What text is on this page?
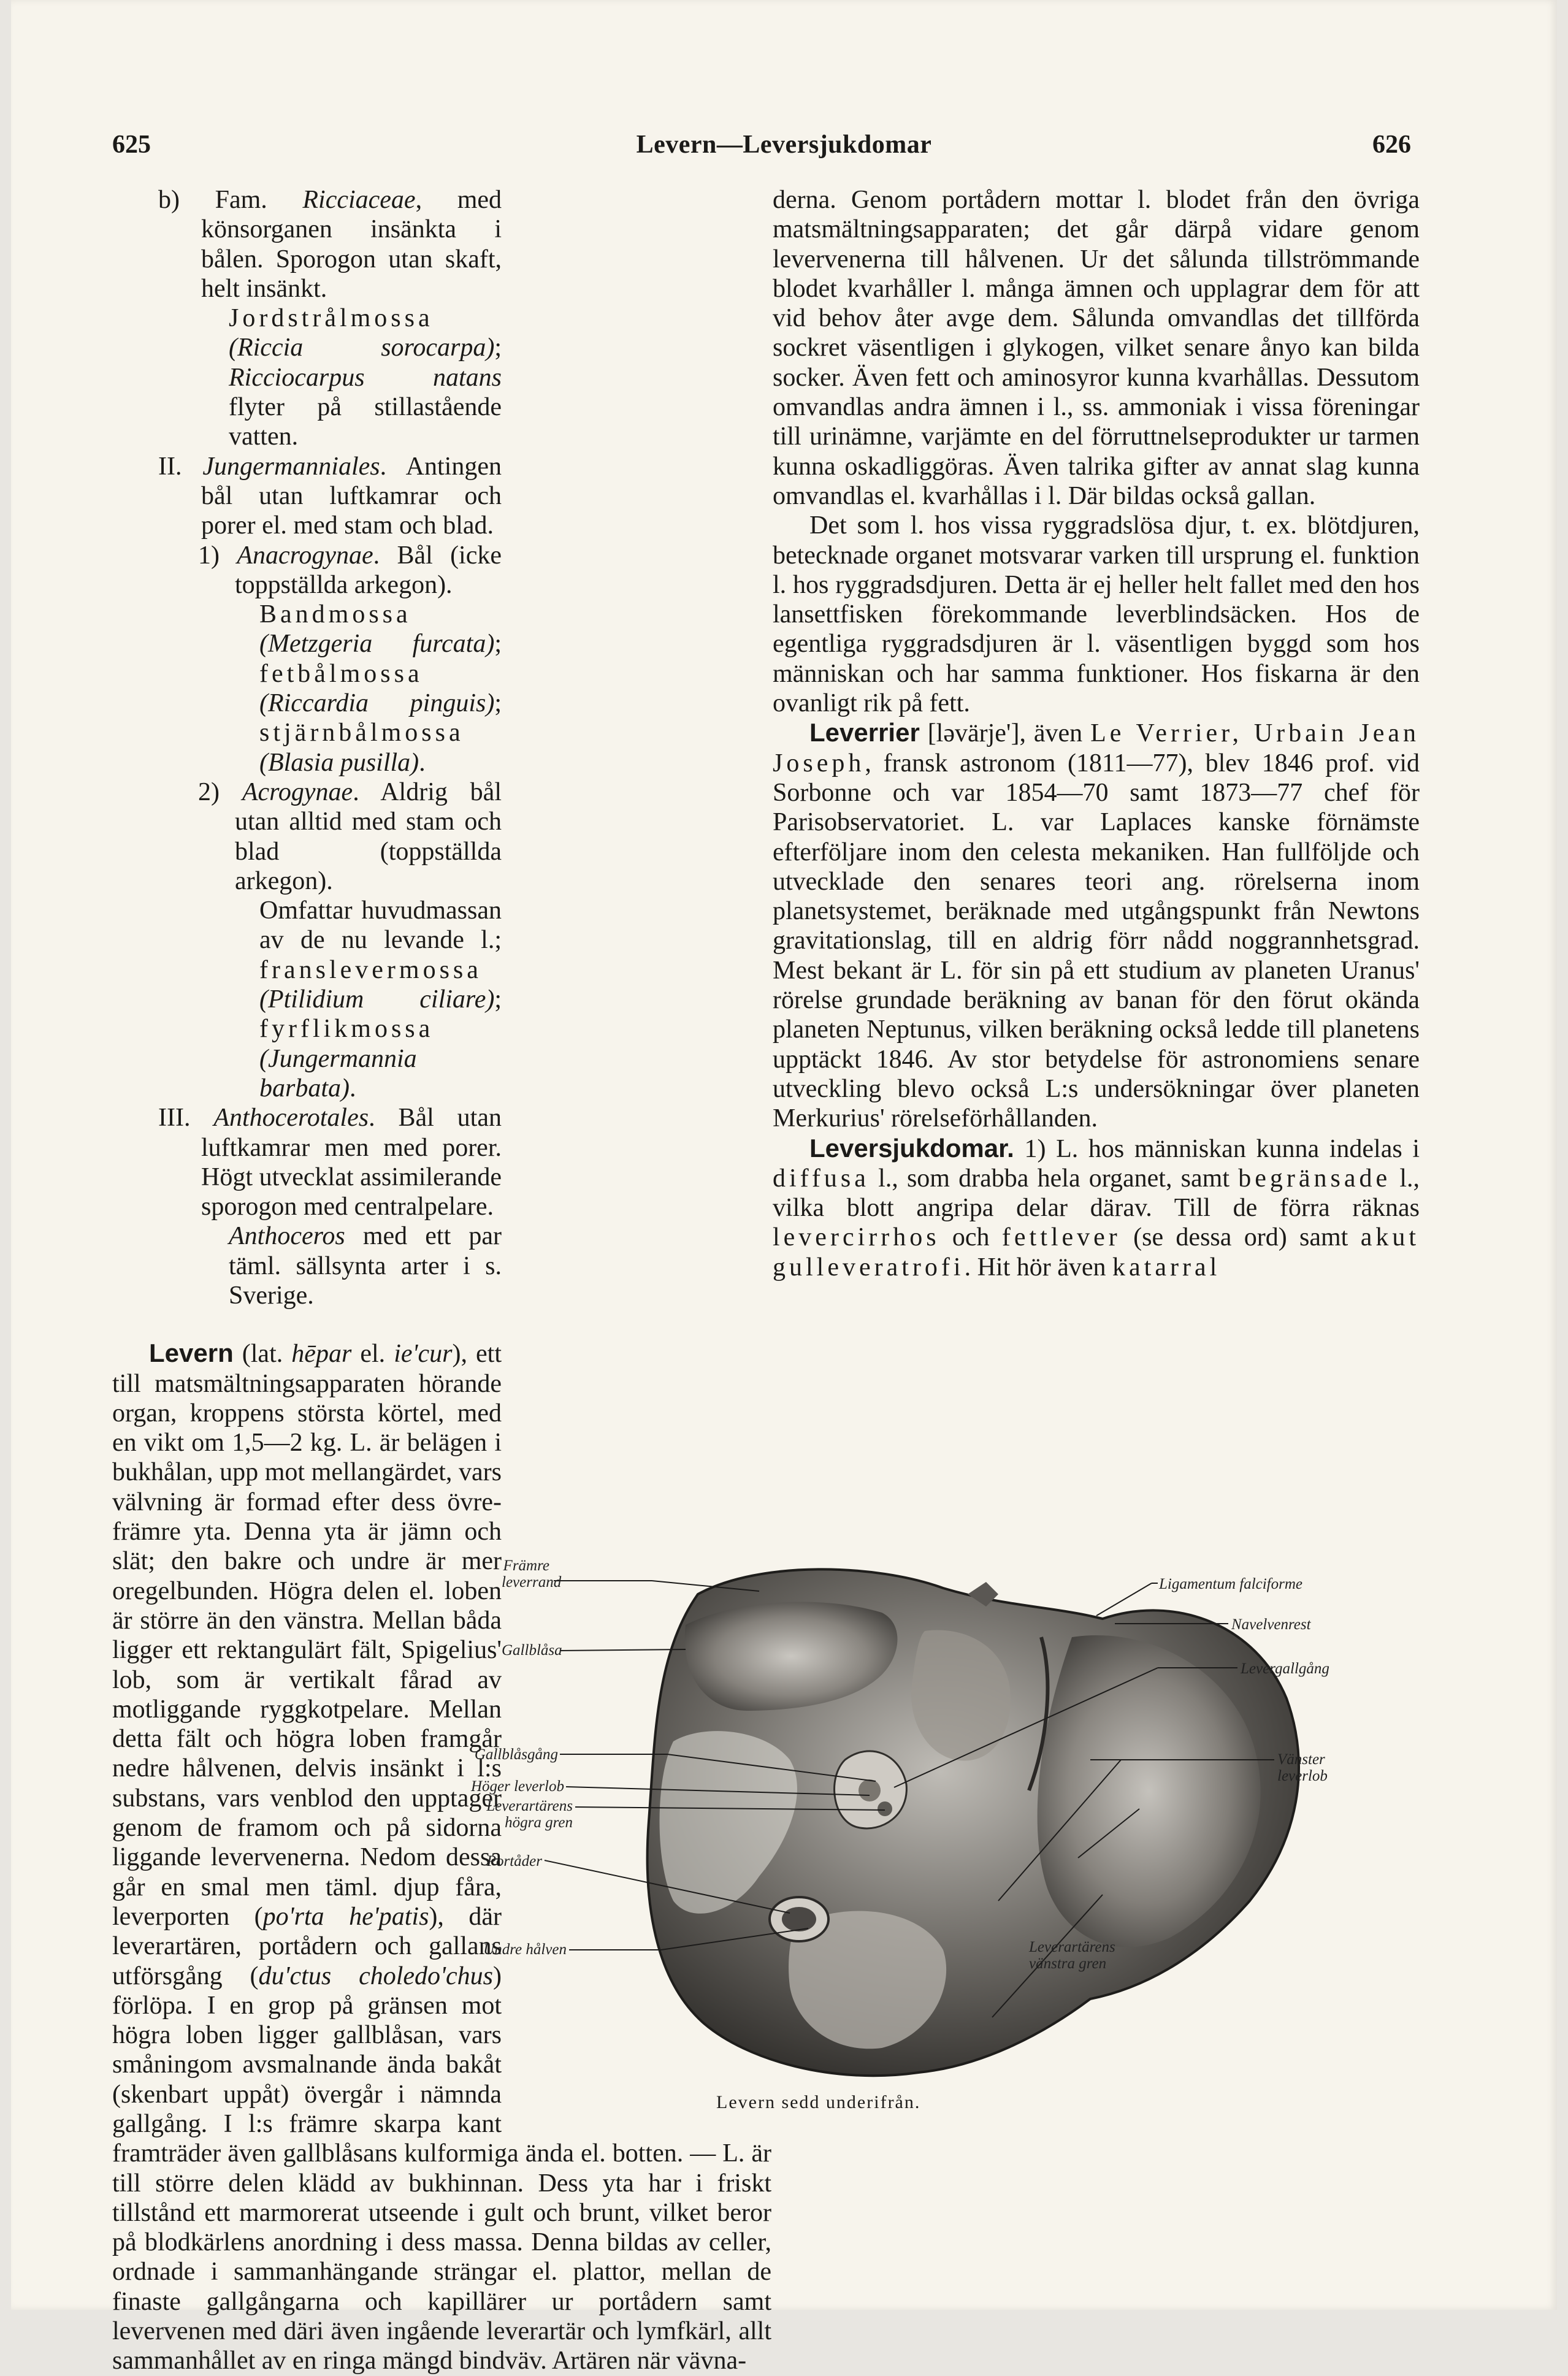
625	Levern—Leversjukdomar	626

b) Fam. Ricciaceae, med könsorganen insänkta i bålen. Sporogon utan skaft, helt insänkt.

Jordstrålmossa (Riccia sorocarpa); Ricciocarpus natans flyter på stillastående vatten.

II. Jungermanniales. Antingen bål utan luftkamrar och porer el. med stam och blad.

1) Anacrogynae. Bål (icke toppställda arkegon).

Bandmossa (Metzgeria furcata); fetbålmossa (Riccardia pinguis); stjärnbålmossa (Blasia pusilla).

2) Acrogynae. Aldrig bål utan alltid med stam och blad (toppställda arkegon).

Omfattar huvudmassan av de nu levande l.; franslevermossa (Ptilidium ciliare); fyrflikmossa (Jungermannia barbata).

III. Anthocerotales. Bål utan luftkamrar men med porer. Högt utvecklat assimilerande sporogon med centralpelare.

Anthoceros med ett par täml. sällsynta arter i s. Sverige.

Levern (lat. hēpar el. ie'cur), ett till matsmältningsapparaten hörande organ, kroppens största körtel, med en vikt om 1,5—2 kg. L. är belägen i bukhålan, upp mot mellangärdet, vars välvning är formad efter dess övre-främre yta. Denna yta är jämn och slät; den bakre och undre är mer oregelbunden. Högra delen el. loben är större än den vänstra. Mellan båda ligger ett rektangulärt fält, Spigelius' lob, som är vertikalt fårad av motliggande ryggkotpelare. Mellan detta fält och högra loben framgår nedre hålvenen, delvis insänkt i l:s substans, vars venblod den upptager genom de framom och på sidorna liggande levervenerna. Nedom dessa går en smal men täml. djup fåra, leverporten (po'rta he'patis), där leverartären, portådern och gallans utförsgång (du'ctus choledo'chus) förlöpa. I en grop på gränsen mot högra loben ligger gallblåsan, vars småningom avsmalnande ända bakåt (skenbart uppåt) övergår i nämnda gallgång. I l:s främre skarpa kant framträder även gallblåsans kulformiga ända el. botten. — L. är till större delen klädd av bukhinnan. Dess yta har i friskt tillstånd ett marmorerat utseende i gult och brunt, vilket beror på blodkärlens anordning i dess massa. Denna bildas av celler, ordnade i sammanhängande strängar el. plattor, mellan de finaste gallgångarna och kapillärer ur portådern samt levervenen med däri även ingående leverartär och lymfkärl, allt sammanhållet av en ringa mängd bindväv. Artären när vävna-

derna. Genom portådern mottar l. blodet från den övriga matsmältningsapparaten; det går därpå vidare genom levervenerna till hålvenen. Ur det sålunda tillströmmande blodet kvarhåller l. många ämnen och upplagrar dem för att vid behov åter avge dem. Sålunda omvandlas det tillförda sockret väsentligen i glykogen, vilket senare ånyo kan bilda socker. Även fett och aminosyror kunna kvarhållas. Dessutom omvandlas andra ämnen i l., ss. ammoniak i vissa föreningar till urinämne, varjämte en del förruttnelseprodukter ur tarmen kunna oskadliggöras. Även talrika gifter av annat slag kunna omvandlas el. kvarhållas i l. Där bildas också gallan.

Det som l. hos vissa ryggradslösa djur, t. ex. blötdjuren, betecknade organet motsvarar varken till ursprung el. funktion l. hos ryggradsdjuren. Detta är ej heller helt fallet med den hos lansettfisken förekommande leverblindsäcken. Hos de egentliga ryggradsdjuren är l. väsentligen byggd som hos människan och har samma funktioner. Hos fiskarna är den ovanligt rik på fett.

Leverrier [ləvärje'], även Le Verrier, Urbain Jean Joseph, fransk astronom (1811—77), blev 1846 prof. vid Sorbonne och var 1854—70 samt 1873—77 chef för Parisobservatoriet. L. var Laplaces kanske förnämste efterföljare inom den celesta mekaniken. Han fullföljde och utvecklade den senares teori ang. rörelserna inom planetsystemet, beräknade med utgångspunkt från Newtons gravitationslag, till en aldrig förr nådd noggrannhetsgrad. Mest bekant är L. för sin på ett studium av planeten Uranus' rörelse grundade beräkning av banan för den förut okända planeten Neptunus, vilken beräkning också ledde till planetens upptäckt 1846. Av stor betydelse för astronomiens senare utveckling blevo också L:s undersökningar över planeten Merkurius' rörelseförhållanden.

Leversjukdomar. 1) L. hos människan kunna indelas i diffusa l., som drabba hela organet, samt begränsade l., vilka blott angripa delar därav. Till de förra räknas levercirrhos och fettlever (se dessa ord) samt akut gulleveratrofi. Hit hör även katarral

Främre
leverrand
Gallblåsa
Gallblåsgång
Höger leverlob
Leverartärens
högra gren
Portåder
Undre hålven
Ligamentum falciforme
Navelvenrest
Levergallgång
Vänster
leverlob
Leverartärens
vänstra gren
Levern sedd underifrån.
